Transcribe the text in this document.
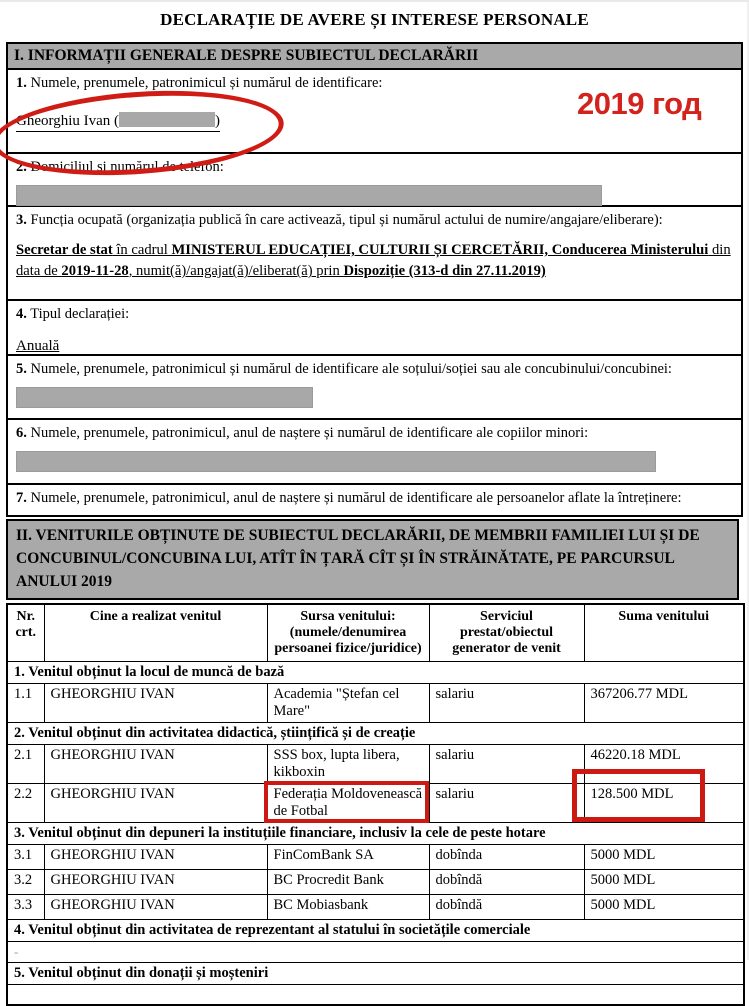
DECLARAȚIE DE AVERE ȘI INTERESE PERSONALE
2019 год
I. INFORMAȚII GENERALE DESPRE SUBIECTUL DECLARĂRII
1. Numele, prenumele, patronimicul și numărul de identificare:
Gheorghiu Ivan (	)
2. Domiciliul și numărul de telefon:
3. Funcția ocupată (organizația publică în care activează, tipul și numărul actului de numire/angajare/eliberare):
Secretar de stat în cadrul MINISTERUL EDUCAȚIEI, CULTURII ȘI CERCETĂRII, Conducerea Ministerului din data de 2019-11-28, numit(ă)/angajat(ă)/eliberat(ă) prin Dispoziție (313-d din 27.11.2019)
4. Tipul declarației:
Anuală
5. Numele, prenumele, patronimicul și numărul de identificare ale soțului/soției sau ale concubinului/concubinei:
6. Numele, prenumele, patronimicul, anul de naștere și numărul de identificare ale copiilor minori:
7. Numele, prenumele, patronimicul, anul de naștere și numărul de identificare ale persoanelor aflate la întreținere:
II. VENITURILE OBȚINUTE DE SUBIECTUL DECLARĂRII, DE MEMBRII FAMILIEI LUI ȘI DE CONCUBINUL/CONCUBINA LUI, ATÎT ÎN ȚARĂ CÎT ȘI ÎN STRĂINĂTATE, PE PARCURSUL ANULUI 2019
Nr. crt.	Cine a realizat venitul	Sursa venitului: (numele/denumirea persoanei fizice/juridice)	Serviciul prestat/obiectul generator de venit	Suma venitului
1. Venitul obținut la locul de muncă de bază				
1.1	GHEORGHIU IVAN	Academia "Ștefan cel Mare"	salariu	367206.77 MDL
2. Venitul obținut din activitatea didactică, științifică și de creație				
2.1	GHEORGHIU IVAN	SSS box, lupta libera, kikboxin	salariu	46220.18 MDL
2.2	GHEORGHIU IVAN	Federația Moldovenească de Fotbal	salariu	128.500 MDL

3. Venitul obținut din depuneri la instituțiile financiare, inclusiv la cele de peste hotare				
3.1	GHEORGHIU IVAN	FinComBank SA	dobînda	5000 MDL
3.2	GHEORGHIU IVAN	BC Procredit Bank	dobîndă	5000 MDL
3.3	GHEORGHIU IVAN	BC Mobiasbank	dobîndă	5000 MDL
4. Venitul obținut din activitatea de reprezentant al statului în societățile comerciale				
-				
5. Venitul obținut din donații și moșteniri				
